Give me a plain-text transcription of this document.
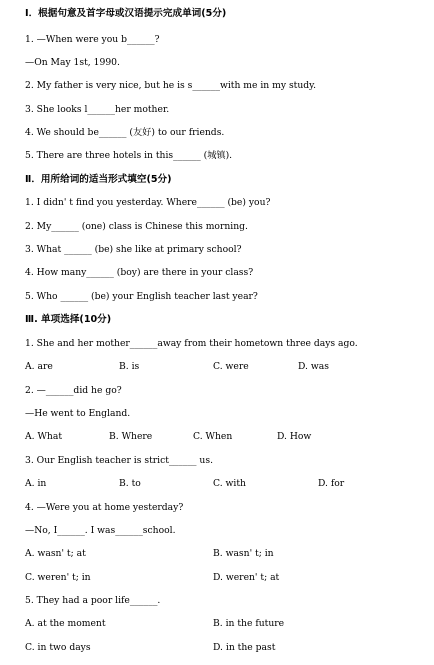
Ⅰ．根据句意及首字母或汉语提示完成单词(5分)
1. —When were you b______?
—On May 1st, 1990.
2. My father is very nice, but he is s______with me in my study.
3. She looks l______her mother.
4. We should be______ (友好) to our friends.
5. There are three hotels in this______ (城镇).
Ⅱ．用所给词的适当形式填空(5分)
1. I didn' t find you yesterday. Where______ (be) you?
2. My______ (one) class is Chinese this morning.
3. What ______ (be) she like at primary school?
4. How many______ (boy) are there in your class?
5. Who ______ (be) your English teacher last year?
Ⅲ. 单项选择(10分)
1. She and her mother______away from their hometown three days ago.
A. are	B. is	C. were	D. was
2. —______did he go?
—He went to England.
A. What	B. Where	C. When	D. How
3. Our English teacher is strict______ us.
A. in	B. to	C. with	D. for
4. —Were you at home yesterday?
—No, I______. I was______school.
A. wasn' t; at	B. wasn' t; in
C. weren' t; in	D. weren' t; at
5. They had a poor life______.
A. at the moment	B. in the future
C. in two days	D. in the past
